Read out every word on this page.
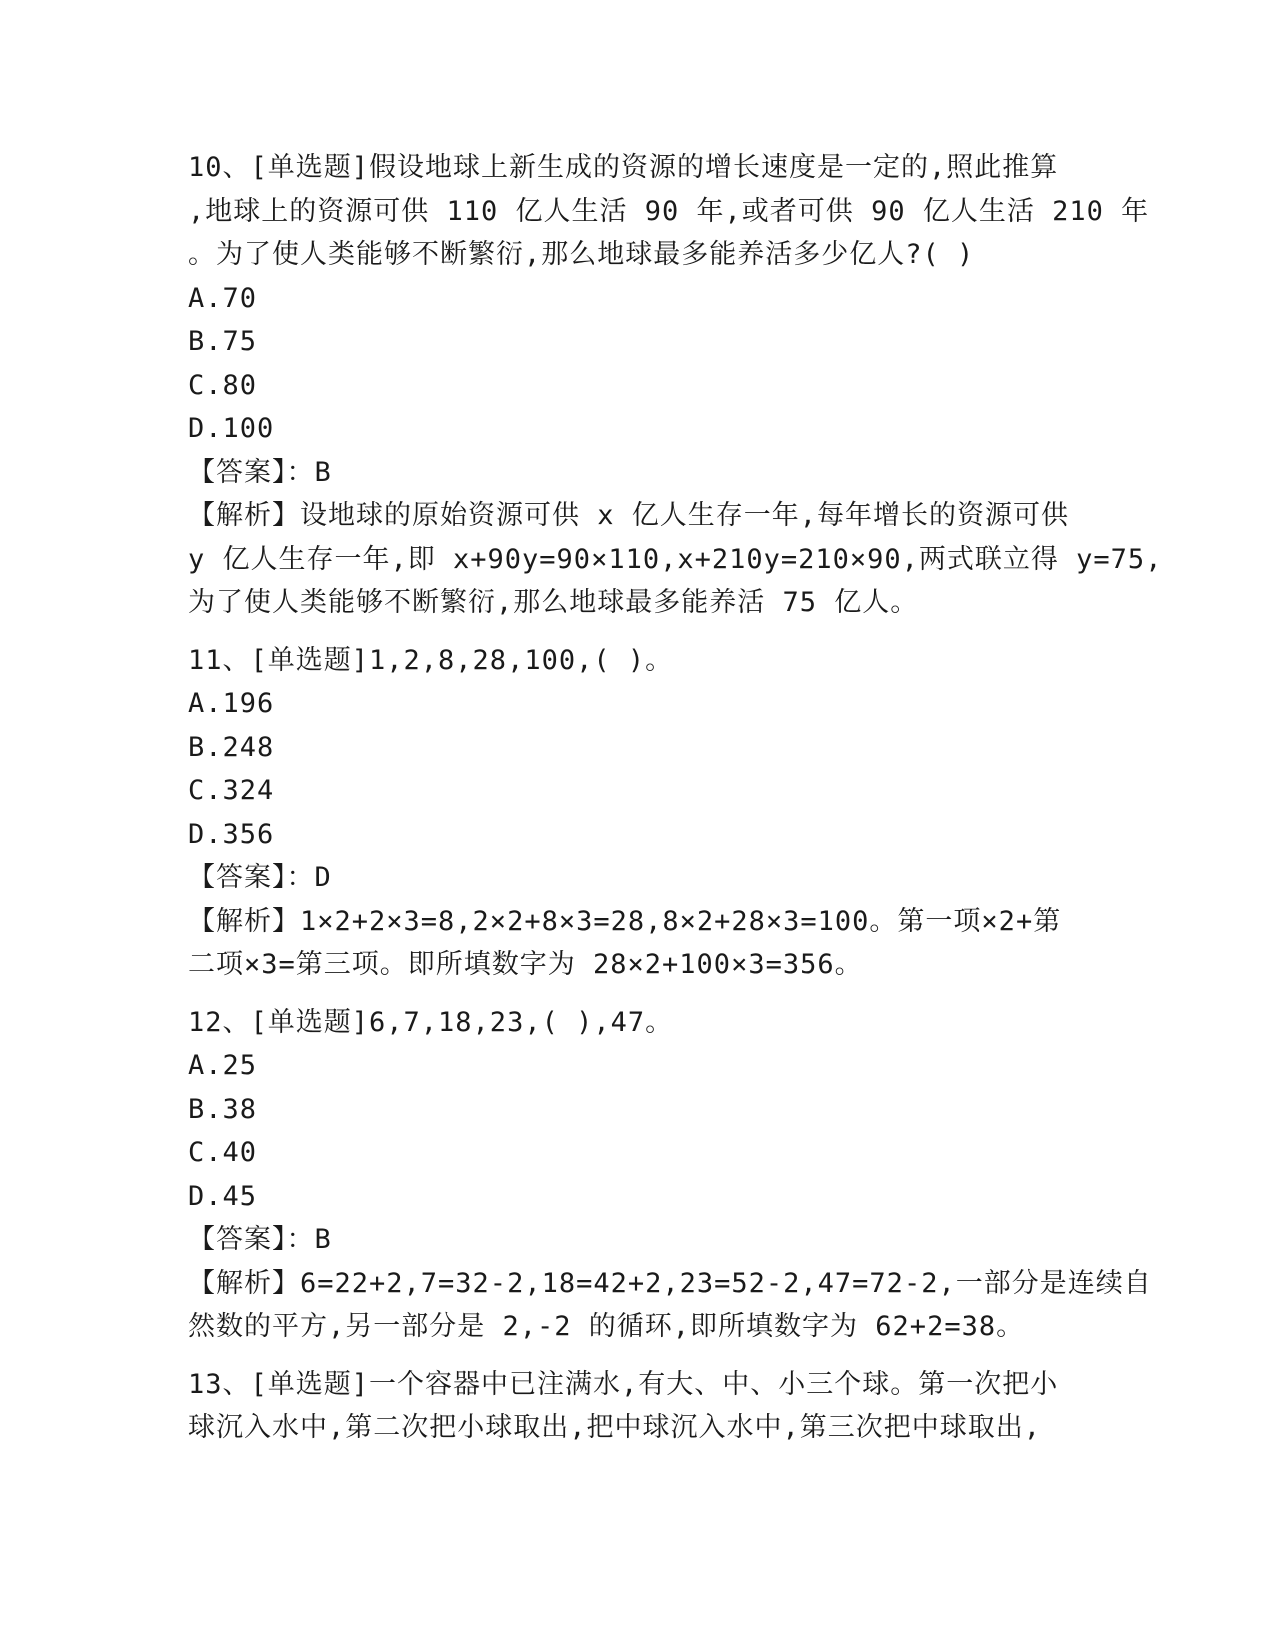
10、[单选题]假设地球上新生成的资源的增长速度是一定的,照此推算
,地球上的资源可供 110 亿人生活 90 年,或者可供 90 亿人生活 210 年
。为了使人类能够不断繁衍,那么地球最多能养活多少亿人?( )
A.70
B.75
C.80
D.100
【答案】：B
【解析】设地球的原始资源可供 x 亿人生存一年,每年增长的资源可供
y 亿人生存一年,即 x+90y=90×110,x+210y=210×90,两式联立得 y=75,
为了使人类能够不断繁衍,那么地球最多能养活 75 亿人。
11、[单选题]1,2,8,28,100,( )。
A.196
B.248
C.324
D.356
【答案】：D
【解析】1×2+2×3=8,2×2+8×3=28,8×2+28×3=100。第一项×2+第
二项×3=第三项。即所填数字为 28×2+100×3=356。
12、[单选题]6,7,18,23,( ),47。
A.25
B.38
C.40
D.45
【答案】：B
【解析】6=22+2,7=32-2,18=42+2,23=52-2,47=72-2,一部分是连续自
然数的平方,另一部分是 2,-2 的循环,即所填数字为 62+2=38。
13、[单选题]一个容器中已注满水,有大、中、小三个球。第一次把小
球沉入水中,第二次把小球取出,把中球沉入水中,第三次把中球取出,
